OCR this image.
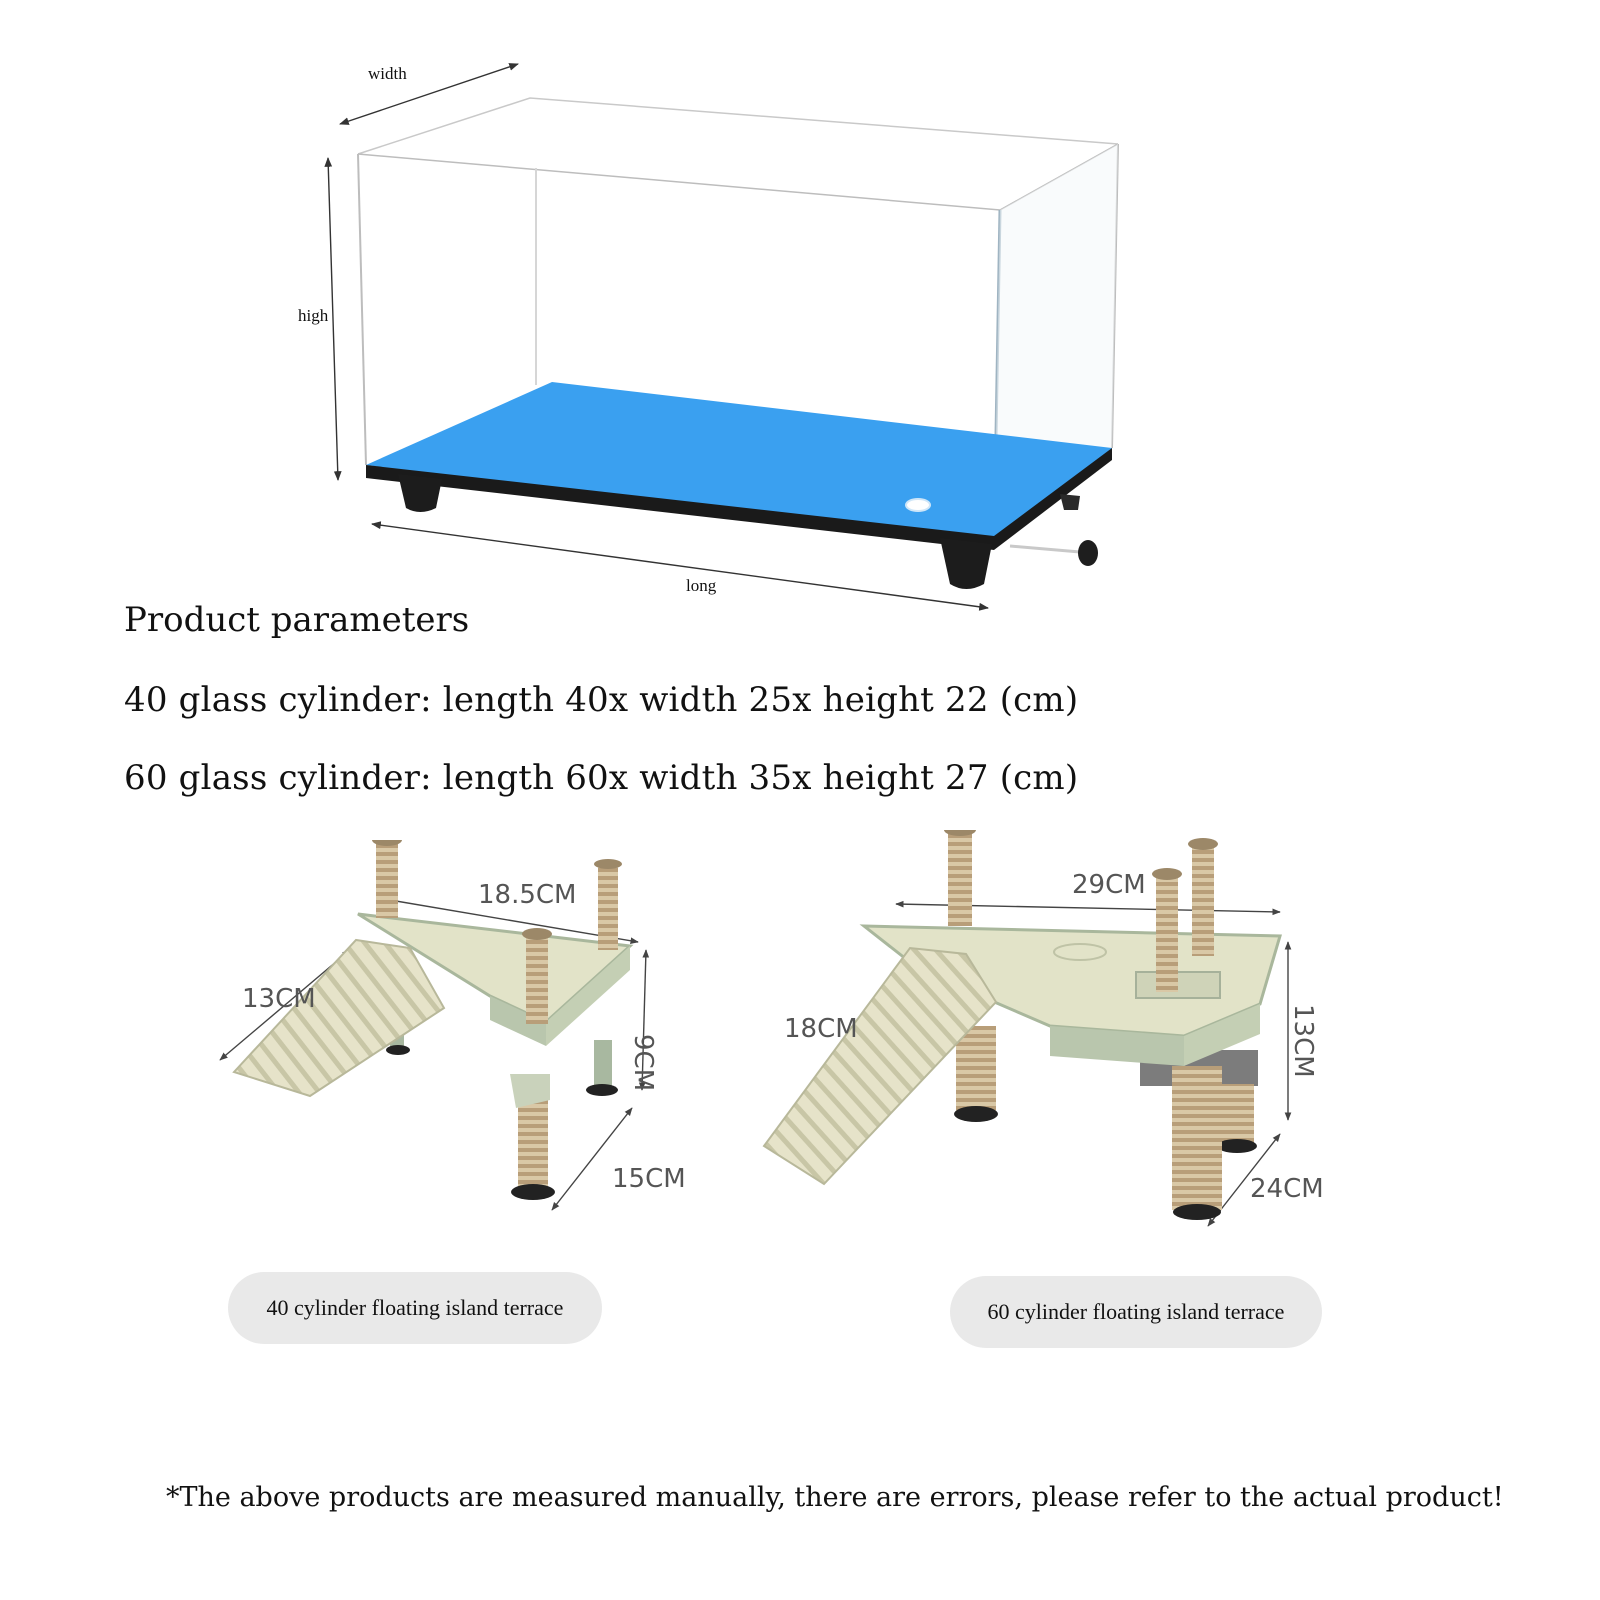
width
high
long
Product parameters
40 glass cylinder: length 40x width 25x height 22 (cm)
60 glass cylinder: length 60x width 35x height 27 (cm)
18.5CM
13CM
9CM
15CM
40 cylinder floating island terrace
29CM
18CM	13CM
24CM
60 cylinder floating island terrace
*The above products are measured manually, there are errors, please refer to the actual product!
